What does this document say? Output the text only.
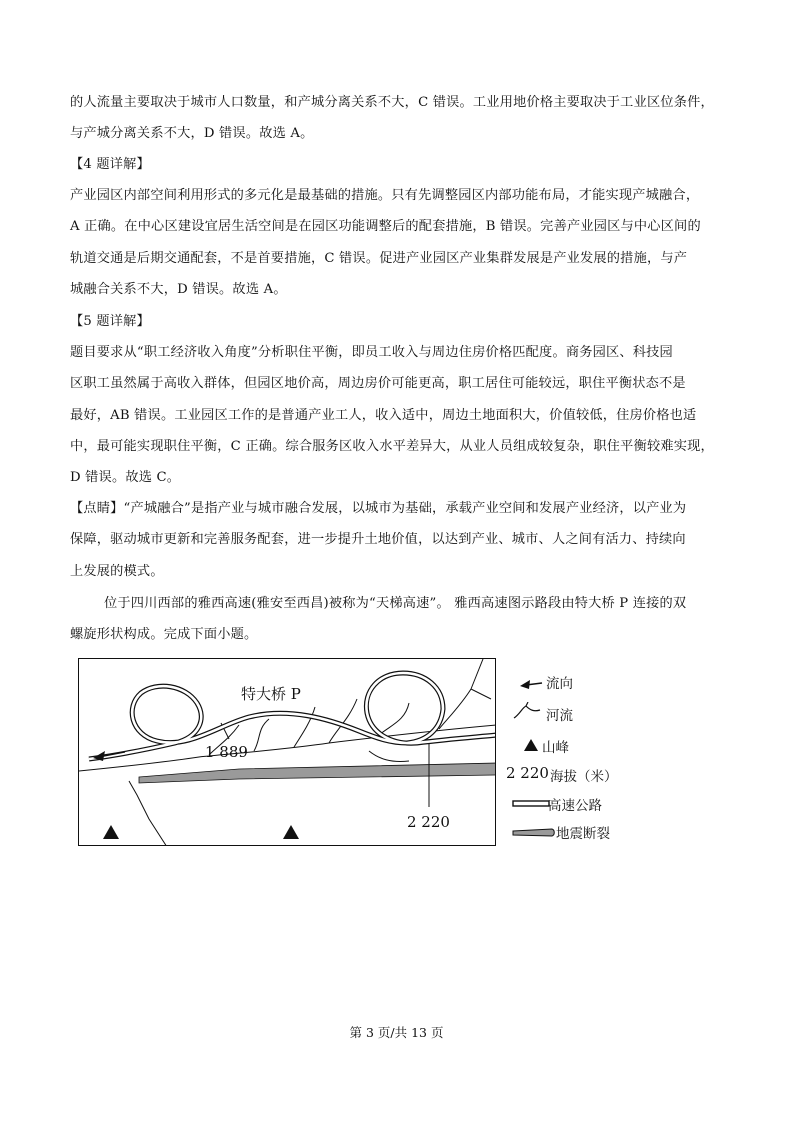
的人流量主要取决于城市人口数量，和产城分离关系不大，C 错误。工业用地价格主要取决于工业区位条件，
与产城分离关系不大，D 错误。故选 A。
【4 题详解】
产业园区内部空间利用形式的多元化是最基础的措施。只有先调整园区内部功能布局，才能实现产城融合，
A 正确。在中心区建设宜居生活空间是在园区功能调整后的配套措施，B 错误。完善产业园区与中心区间的
轨道交通是后期交通配套，不是首要措施，C 错误。促进产业园区产业集群发展是产业发展的措施，与产
城融合关系不大，D 错误。故选 A。
【5 题详解】
题目要求从“职工经济收入角度”分析职住平衡，即员工收入与周边住房价格匹配度。商务园区、科技园
区职工虽然属于高收入群体，但园区地价高，周边房价可能更高，职工居住可能较远，职住平衡状态不是
最好，AB 错误。工业园区工作的是普通产业工人，收入适中，周边土地面积大，价值较低，住房价格也适
中，最可能实现职住平衡，C 正确。综合服务区收入水平差异大，从业人员组成较复杂，职住平衡较难实现，
D 错误。故选 C。
【点睛】“产城融合”是指产业与城市融合发展，以城市为基础，承载产业空间和发展产业经济，以产业为
保障，驱动城市更新和完善服务配套，进一步提升土地价值，以达到产业、城市、人之间有活力、持续向
上发展的模式。
位于四川西部的雅西高速(雅安至西昌)被称为“天梯高速”。 雅西高速图示路段由特大桥 P 连接的双
螺旋形状构成。完成下面小题。
特大桥 P
1 889
2 220
流向
河流
山峰
2 220 海拔（米）
高速公路
地震断裂
第 3 页/共 13 页
